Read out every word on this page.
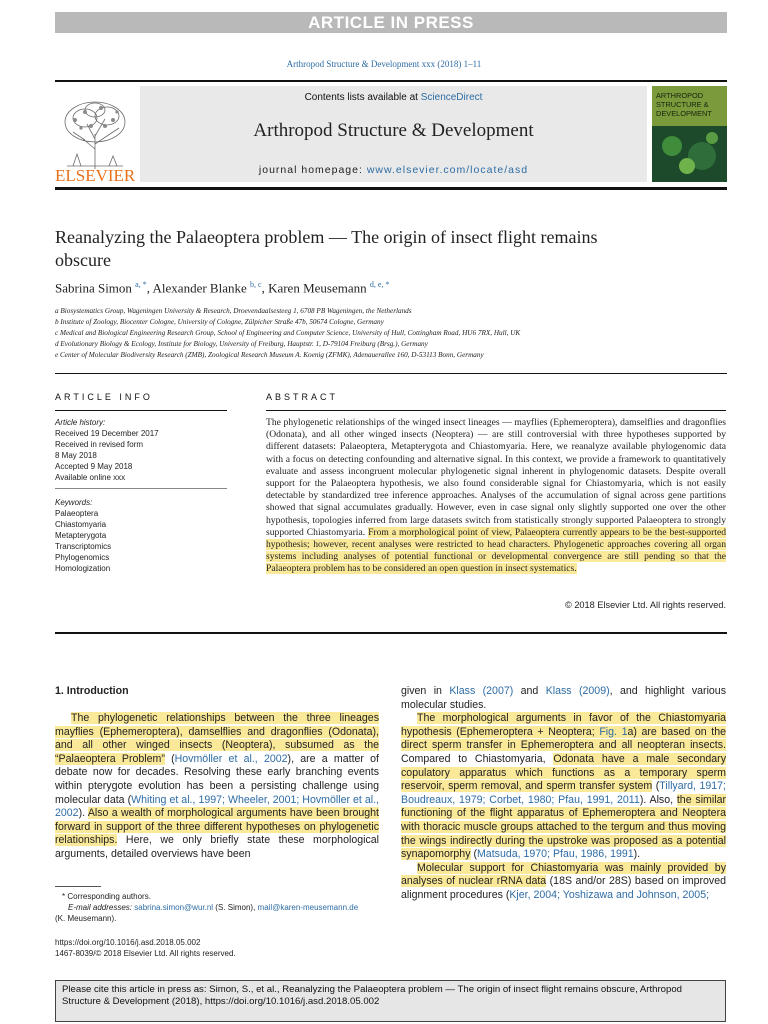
ARTICLE IN PRESS
Arthropod Structure & Development xxx (2018) 1–11
ELSEVIER
Contents lists available at ScienceDirect
Arthropod Structure & Development
journal homepage: www.elsevier.com/locate/asd
ARTHROPOD
STRUCTURE &
DEVELOPMENT
Reanalyzing the Palaeoptera problem — The origin of insect flight remains obscure
Sabrina Simon $^{a, *}$, Alexander Blanke $^{b, c}$, Karen Meusemann $^{d, e, *}$
a Biosystematics Group, Wageningen University & Research, Droevendaalsesteeg 1, 6708 PB Wageningen, the Netherlands
b Institute of Zoology, Biocenter Cologne, University of Cologne, Zülpicher Straße 47b, 50674 Cologne, Germany
c Medical and Biological Engineering Research Group, School of Engineering and Computer Science, University of Hull, Cottingham Road, HU6 7RX, Hull, UK
d Evolutionary Biology & Ecology, Institute for Biology, University of Freiburg, Hauptstr. 1, D-79104 Freiburg (Brsg.), Germany
e Center of Molecular Biodiversity Research (ZMB), Zoological Research Museum A. Koenig (ZFMK), Adenauerallee 160, D-53113 Bonn, Germany
ARTICLE INFO
Article history:
Received 19 December 2017
Received in revised form
8 May 2018
Accepted 9 May 2018
Available online xxx
Keywords:
Palaeoptera
Chiastomyaria
Metapterygota
Transcriptomics
Phylogenomics
Homologization
ABSTRACT
The phylogenetic relationships of the winged insect lineages — mayflies (Ephemeroptera), damselflies and dragonflies (Odonata), and all other winged insects (Neoptera) — are still controversial with three hypotheses supported by different datasets: Palaeoptera, Metapterygota and Chiastomyaria. Here, we reanalyze available phylogenomic data with a focus on detecting confounding and alternative signal. In this context, we provide a framework to quantitatively evaluate and assess incongruent molecular phylogenetic signal inherent in phylogenomic datasets. Despite overall support for the Palaeoptera hypothesis, we also found considerable signal for Chiastomyaria, which is not easily detectable by standardized tree inference approaches. Analyses of the accumulation of signal across gene partitions showed that signal accumulates gradually. However, even in case signal only slightly supported one over the other hypothesis, topologies inferred from large datasets switch from statistically strongly supported Palaeoptera to strongly supported Chiastomyaria. From a morphological point of view, Palaeoptera currently appears to be the best-supported hypothesis; however, recent analyses were restricted to head characters. Phylogenetic approaches covering all organ systems including analyses of potential functional or developmental convergence are still pending so that the Palaeoptera problem has to be considered an open question in insect systematics.
© 2018 Elsevier Ltd. All rights reserved.
1. Introduction
The phylogenetic relationships between the three lineages mayflies (Ephemeroptera), damselflies and dragonflies (Odonata), and all other winged insects (Neoptera), subsumed as the “Palaeoptera Problem” (Hovmöller et al., 2002), are a matter of debate now for decades. Resolving these early branching events within pterygote evolution has been a persisting challenge using molecular data (Whiting et al., 1997; Wheeler, 2001; Hovmöller et al., 2002). Also a wealth of morphological arguments have been brought forward in support of the three different hypotheses on phylogenetic relationships. Here, we only briefly state these morphological arguments, detailed overviews have been
* Corresponding authors.
E-mail addresses: sabrina.simon@wur.nl (S. Simon), mail@karen-meusemann.de
(K. Meusemann).
https://doi.org/10.1016/j.asd.2018.05.002
1467-8039/© 2018 Elsevier Ltd. All rights reserved.
given in Klass (2007) and Klass (2009), and highlight various molecular studies.
The morphological arguments in favor of the Chiastomyaria hypothesis (Ephemeroptera + Neoptera; Fig. 1a) are based on the direct sperm transfer in Ephemeroptera and all neopteran insects. Compared to Chiastomyaria, Odonata have a male secondary copulatory apparatus which functions as a temporary sperm reservoir, sperm removal, and sperm transfer system (Tillyard, 1917; Boudreaux, 1979; Corbet, 1980; Pfau, 1991, 2011). Also, the similar functioning of the flight apparatus of Ephemeroptera and Neoptera with thoracic muscle groups attached to the tergum and thus moving the wings indirectly during the upstroke was proposed as a potential synapomorphy (Matsuda, 1970; Pfau, 1986, 1991).
Molecular support for Chiastomyaria was mainly provided by analyses of nuclear rRNA data (18S and/or 28S) based on improved alignment procedures (Kjer, 2004; Yoshizawa and Johnson, 2005;
Please cite this article in press as: Simon, S., et al., Reanalyzing the Palaeoptera problem — The origin of insect flight remains obscure, Arthropod Structure & Development (2018), https://doi.org/10.1016/j.asd.2018.05.002
